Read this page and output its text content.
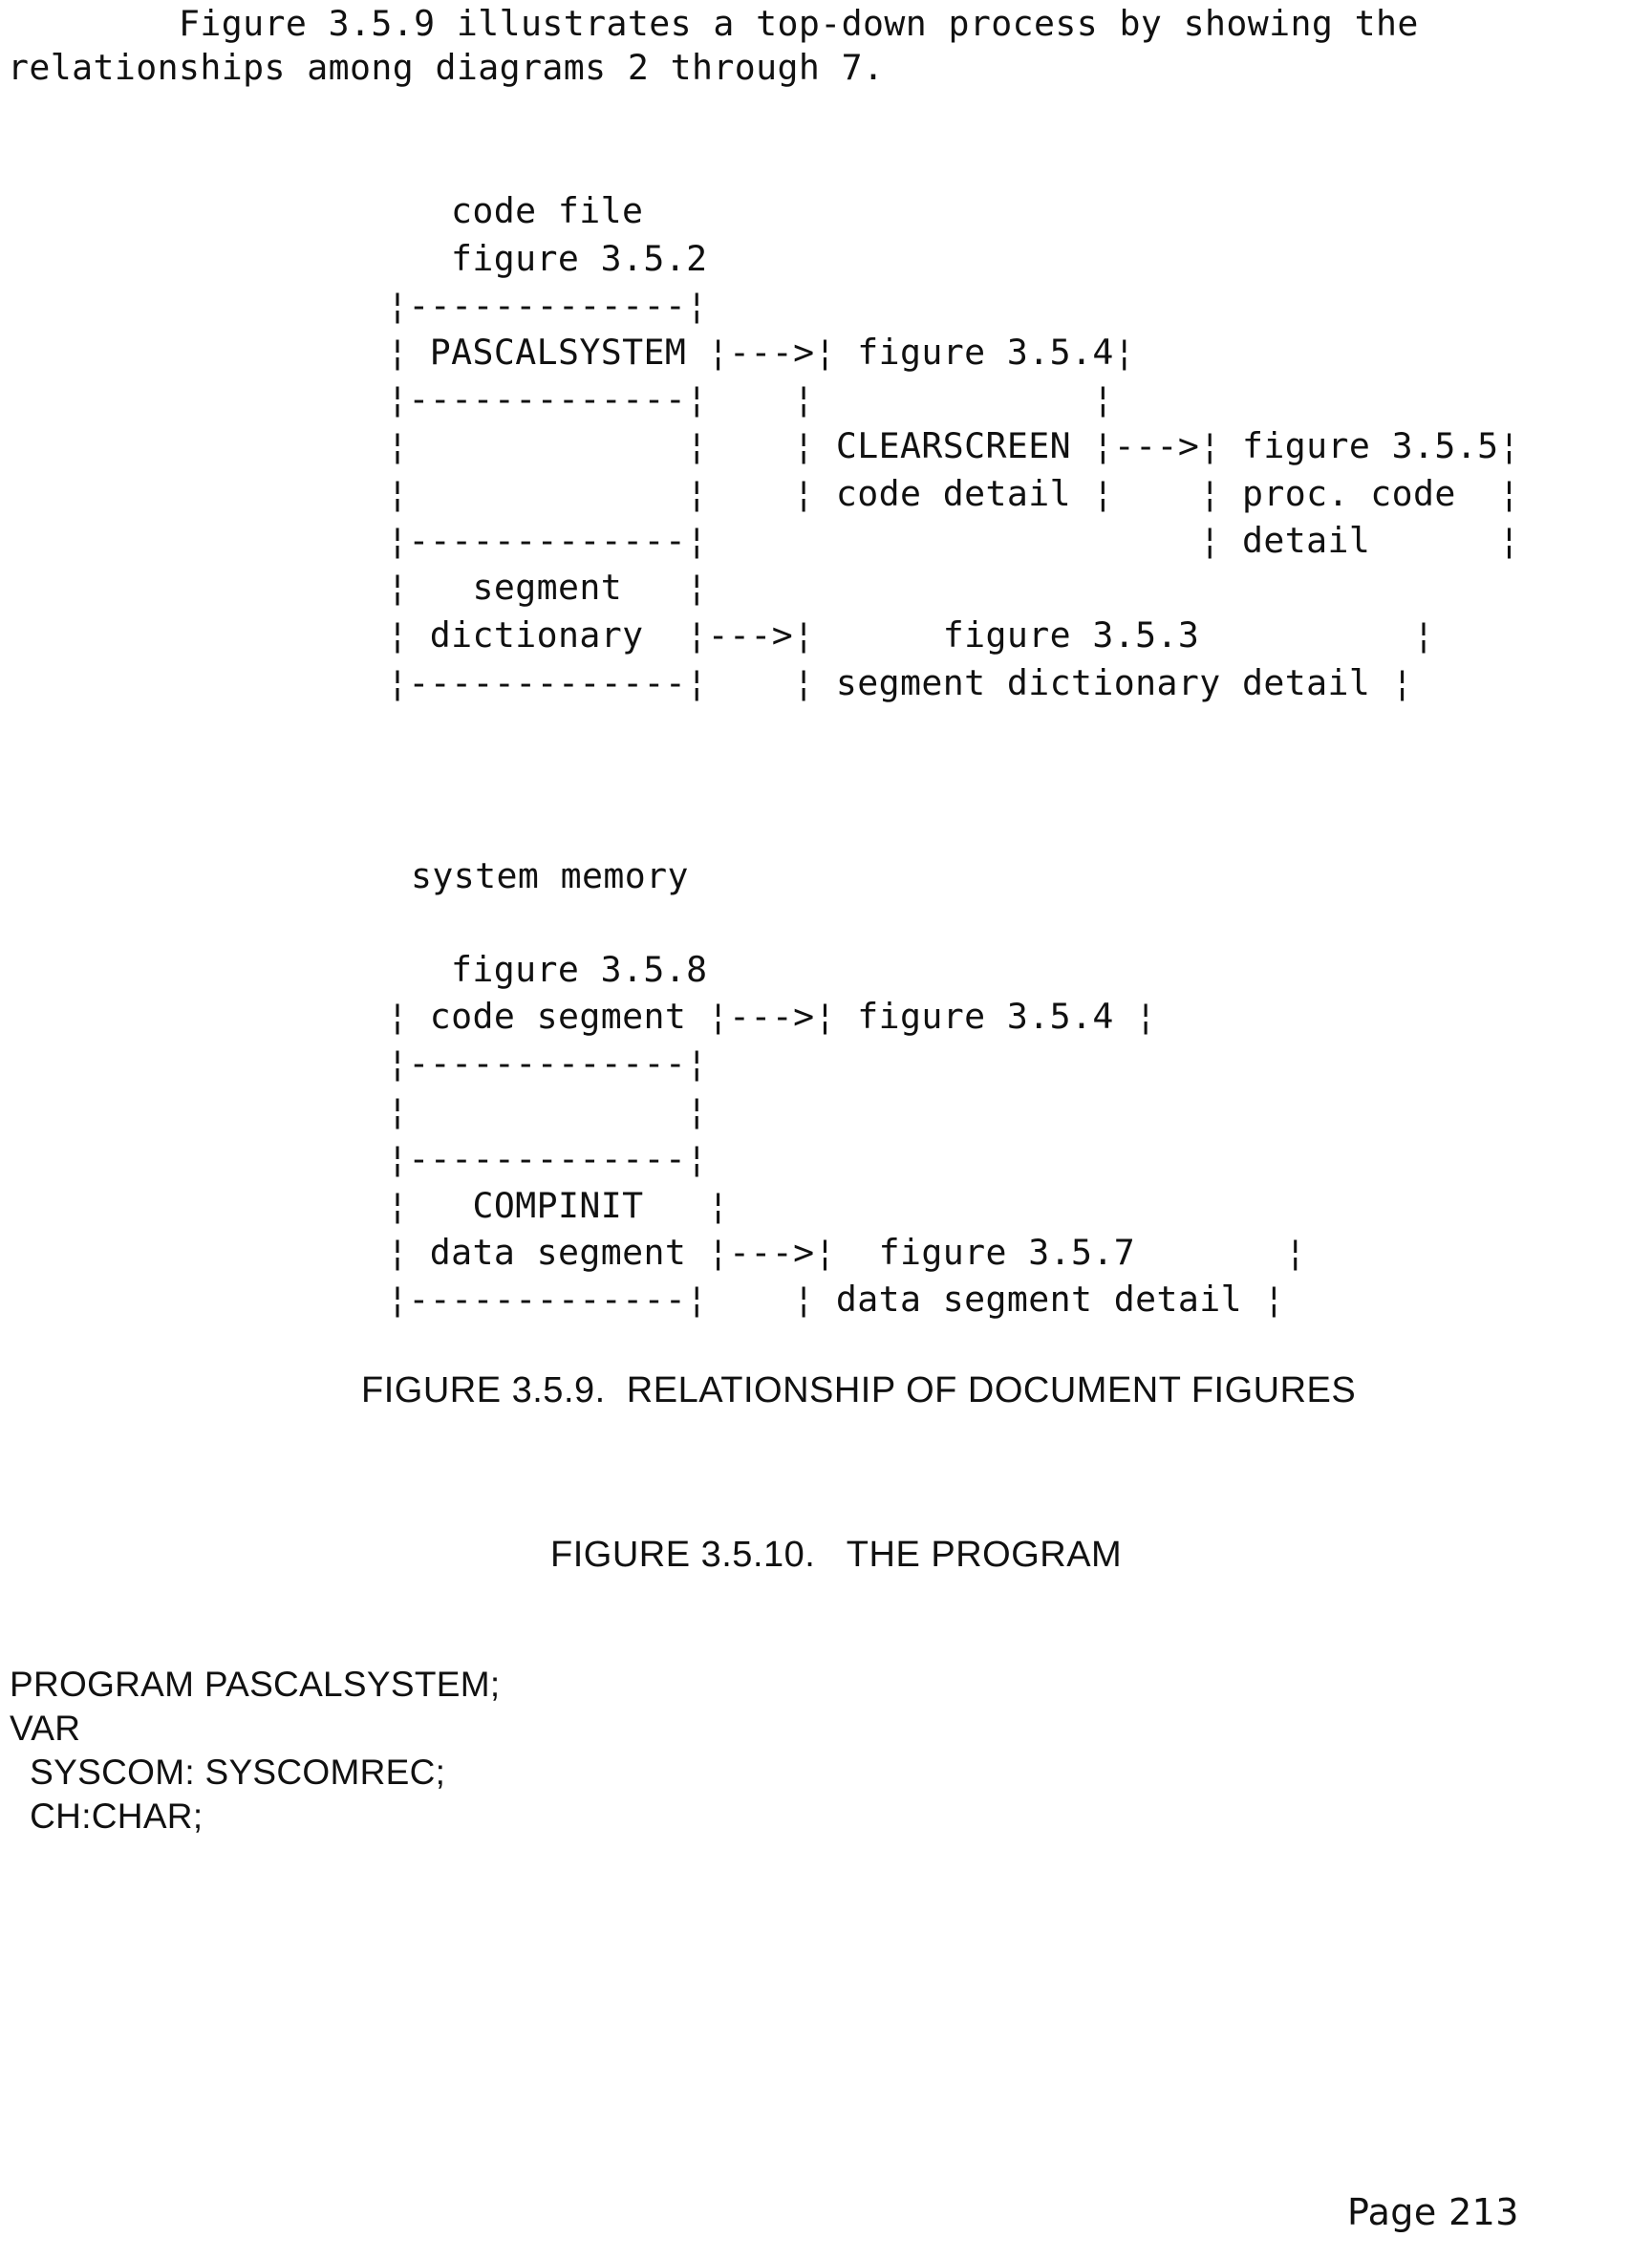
Figure 3.5.9 illustrates a top-down process by showing the
relationships among diagrams 2 through 7.
code file
figure 3.5.2
¦-------------¦
¦ PASCALSYSTEM ¦--->¦ figure 3.5.4¦
¦-------------¦    ¦             ¦
¦             ¦    ¦ CLEARSCREEN ¦--->¦ figure 3.5.5¦
¦             ¦    ¦ code detail ¦    ¦ proc. code  ¦
¦-------------¦                       ¦ detail      ¦
¦   segment   ¦
¦ dictionary  ¦--->¦      figure 3.5.3          ¦
¦-------------¦    ¦ segment dictionary detail ¦
system memory
figure 3.5.8
¦ code segment ¦--->¦ figure 3.5.4 ¦
¦-------------¦
¦             ¦
¦-------------¦
¦   COMPINIT   ¦
¦ data segment ¦--->¦  figure 3.5.7       ¦
¦-------------¦    ¦ data segment detail ¦
FIGURE 3.5.9.  RELATIONSHIP OF DOCUMENT FIGURES
FIGURE 3.5.10.   THE PROGRAM
PROGRAM PASCALSYSTEM;
VAR
SYSCOM: SYSCOMREC;
CH:CHAR;
Page 213
